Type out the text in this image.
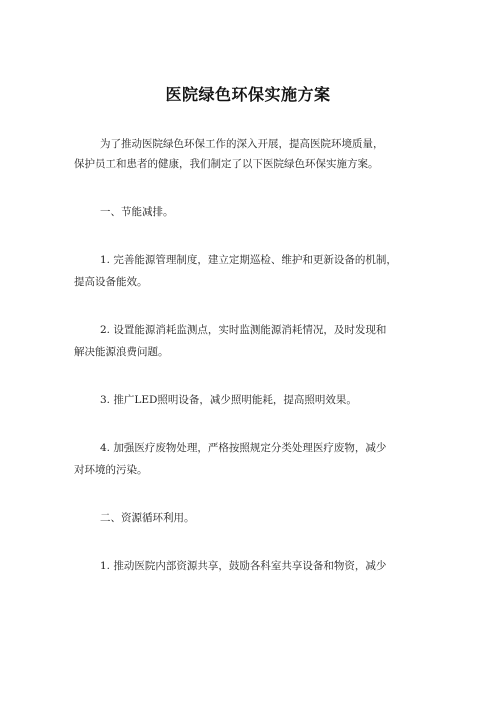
医院绿色环保实施方案
为了推动医院绿色环保工作的深入开展，提高医院环境质量，
保护员工和患者的健康，我们制定了以下医院绿色环保实施方案。
一、节能减排。
1. 完善能源管理制度，建立定期巡检、维护和更新设备的机制，
提高设备能效。
2. 设置能源消耗监测点，实时监测能源消耗情况，及时发现和
解决能源浪费问题。
3. 推广LED照明设备，减少照明能耗，提高照明效果。
4. 加强医疗废物处理，严格按照规定分类处理医疗废物，减少
对环境的污染。
二、资源循环利用。
1. 推动医院内部资源共享，鼓励各科室共享设备和物资，减少
